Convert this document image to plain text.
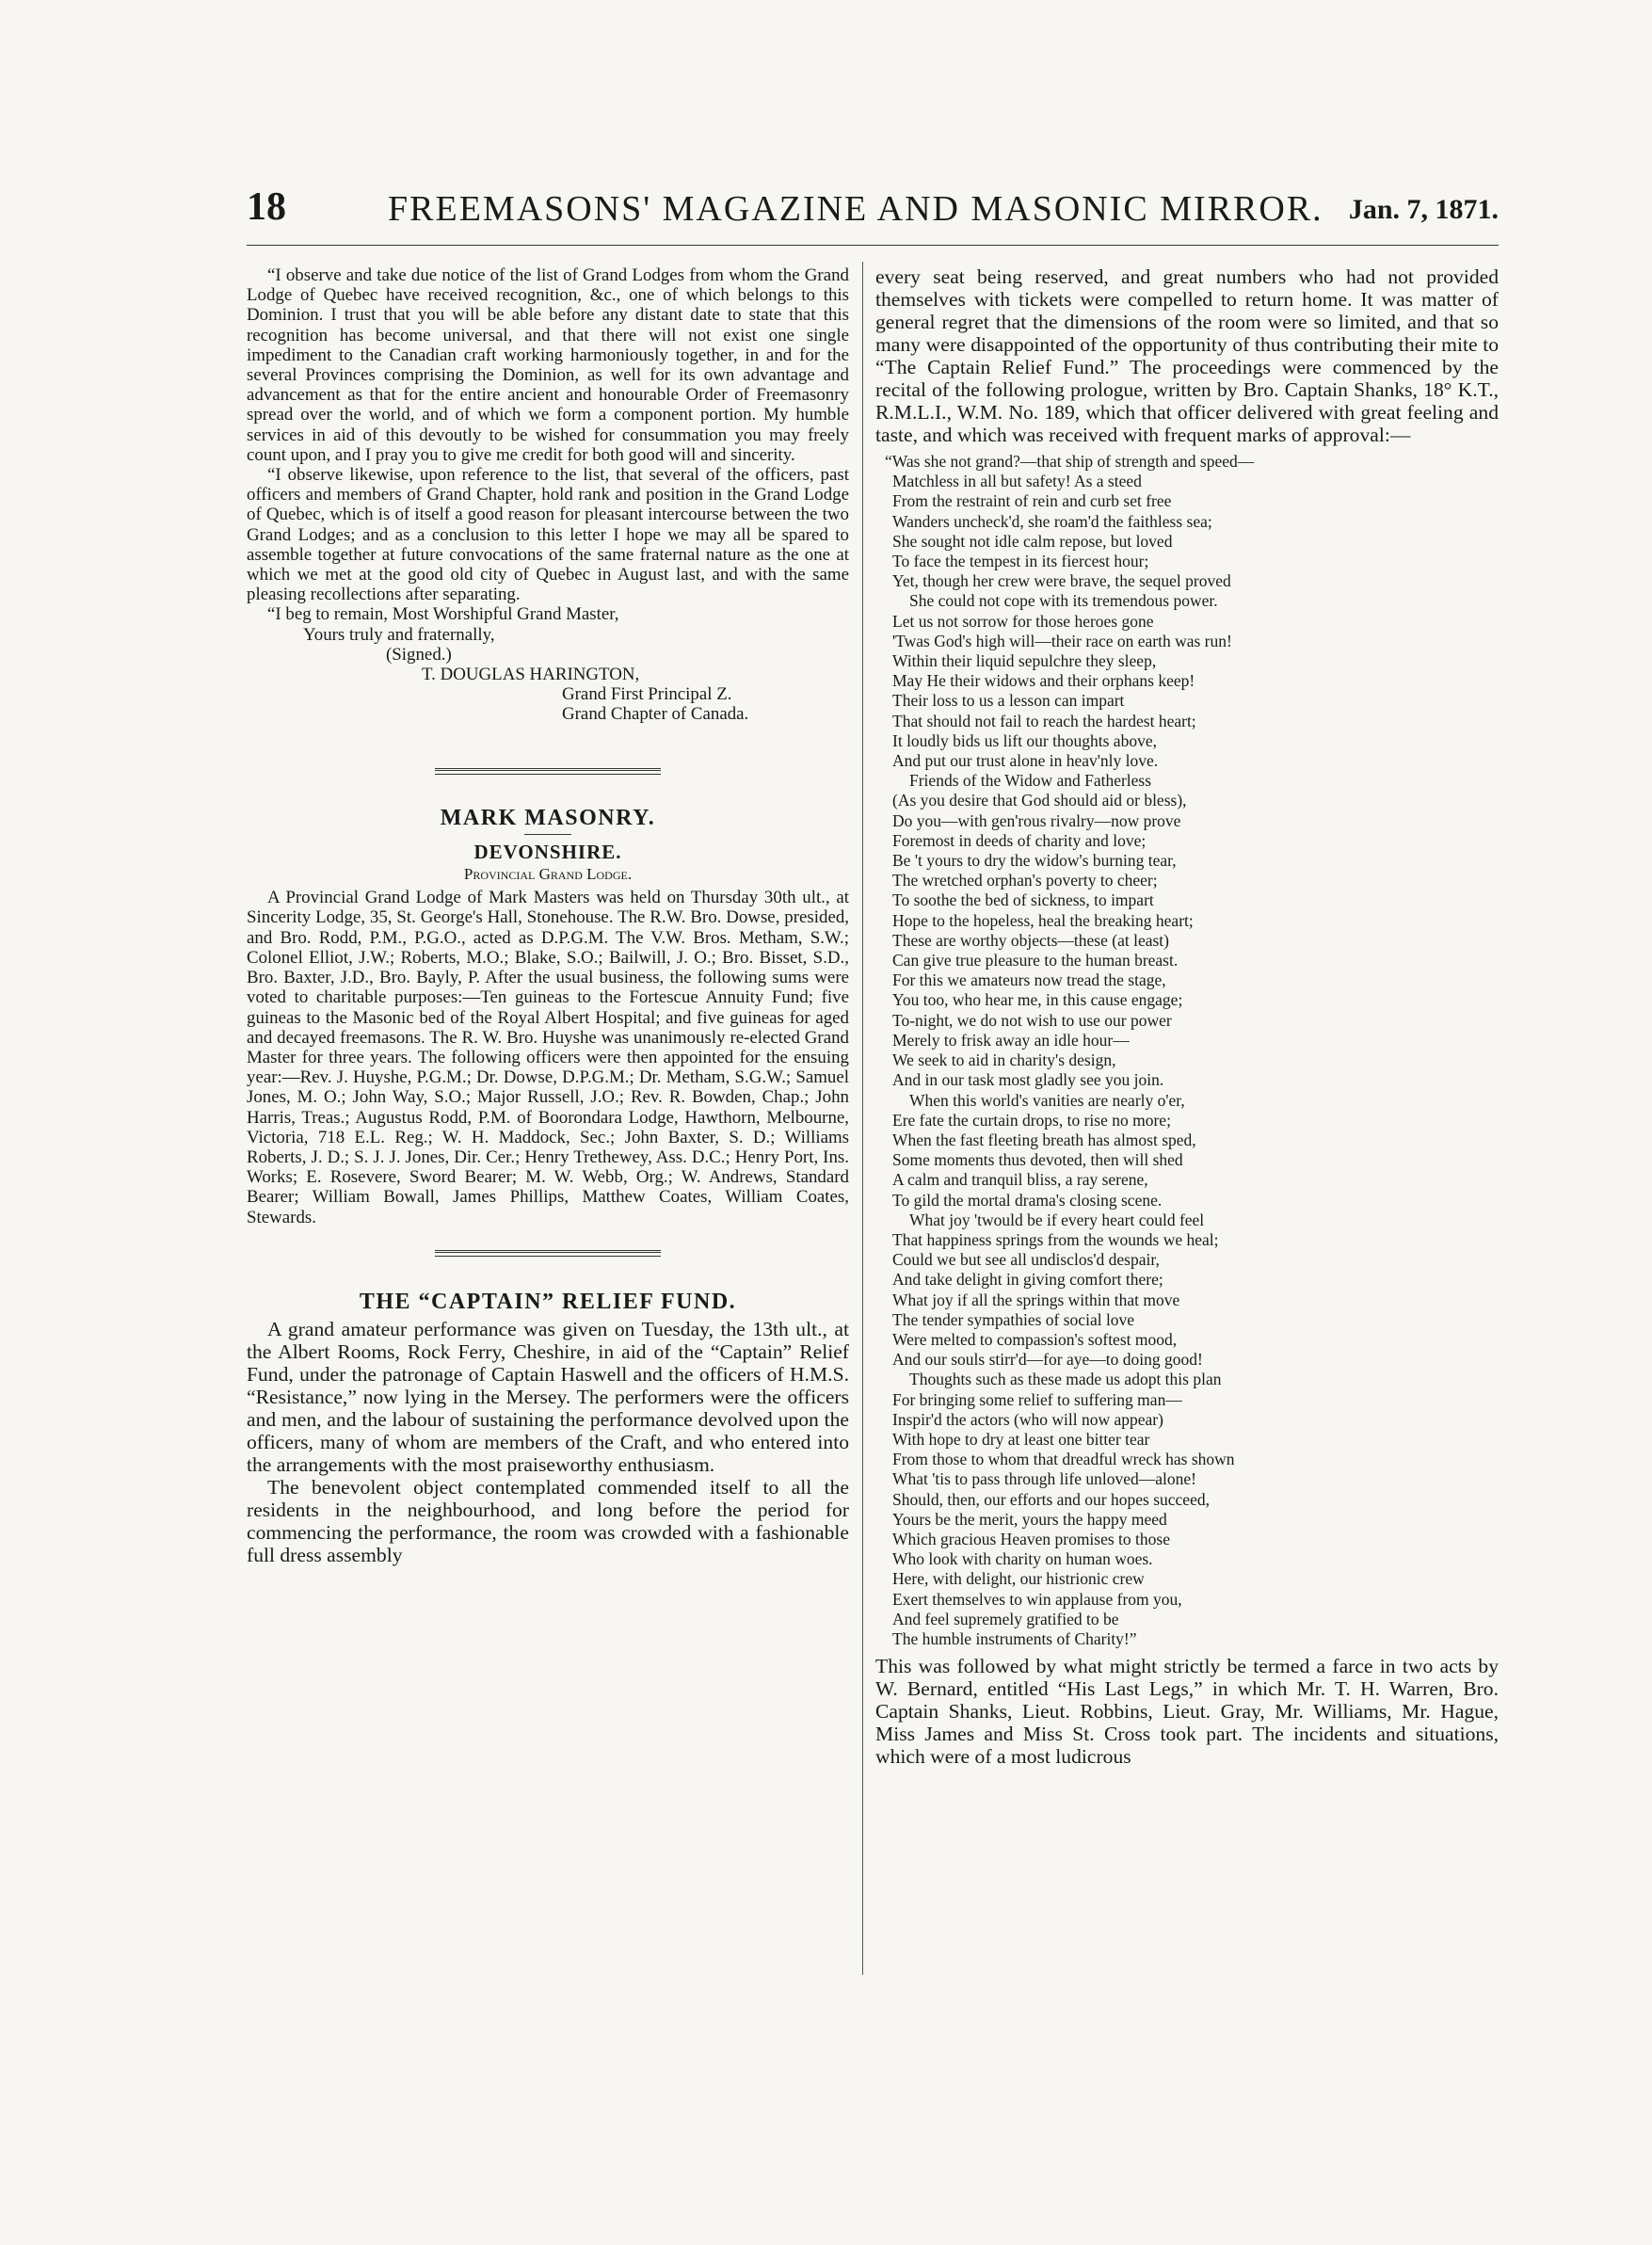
18	FREEMASONS' MAGAZINE AND MASONIC MIRROR. Jan. 7, 1871.

“I observe and take due notice of the list of Grand Lodges from whom the Grand Lodge of Quebec have received recognition, &c., one of which belongs to this Dominion. I trust that you will be able before any distant date to state that this recognition has become universal, and that there will not exist one single impediment to the Canadian craft working harmoniously together, in and for the several Provinces comprising the Dominion, as well for its own advantage and advancement as that for the entire ancient and honourable Order of Freemasonry spread over the world, and of which we form a component portion. My humble services in aid of this devoutly to be wished for consummation you may freely count upon, and I pray you to give me credit for both good will and sincerity.

“I observe likewise, upon reference to the list, that several of the officers, past officers and members of Grand Chapter, hold rank and position in the Grand Lodge of Quebec, which is of itself a good reason for pleasant intercourse between the two Grand Lodges; and as a conclusion to this letter I hope we may all be spared to assemble together at future convocations of the same fraternal nature as the one at which we met at the good old city of Quebec in August last, and with the same pleasing recollections after separating.

“I beg to remain, Most Worshipful Grand Master,

Yours truly and fraternally,
(Signed.)
T. DOUGLAS HARINGTON,
Grand First Principal Z.
Grand Chapter of Canada.
MARK MASONRY.
DEVONSHIRE.
Provincial Grand Lodge.

A Provincial Grand Lodge of Mark Masters was held on Thursday 30th ult., at Sincerity Lodge, 35, St. George's Hall, Stonehouse. The R.W. Bro. Dowse, presided, and Bro. Rodd, P.M., P.G.O., acted as D.P.G.M. The V.W. Bros. Metham, S.W.; Colonel Elliot, J.W.; Roberts, M.O.; Blake, S.O.; Bailwill, J. O.; Bro. Bisset, S.D., Bro. Baxter, J.D., Bro. Bayly, P. After the usual business, the following sums were voted to charitable purposes:—Ten guineas to the Fortescue Annuity Fund; five guineas to the Masonic bed of the Royal Albert Hospital; and five guineas for aged and decayed freemasons. The R. W. Bro. Huyshe was unanimously re-elected Grand Master for three years. The following officers were then appointed for the ensuing year:—Rev. J. Huyshe, P.G.M.; Dr. Dowse, D.P.G.M.; Dr. Metham, S.G.W.; Samuel Jones, M. O.; John Way, S.O.; Major Russell, J.O.; Rev. R. Bowden, Chap.; John Harris, Treas.; Augustus Rodd, P.M. of Boorondara Lodge, Hawthorn, Melbourne, Victoria, 718 E.L. Reg.; W. H. Maddock, Sec.; John Baxter, S. D.; Williams Roberts, J. D.; S. J. J. Jones, Dir. Cer.; Henry Trethewey, Ass. D.C.; Henry Port, Ins. Works; E. Rosevere, Sword Bearer; M. W. Webb, Org.; W. Andrews, Standard Bearer; William Bowall, James Phillips, Matthew Coates, William Coates, Stewards.

THE “CAPTAIN” RELIEF FUND.

A grand amateur performance was given on Tuesday, the 13th ult., at the Albert Rooms, Rock Ferry, Cheshire, in aid of the “Captain” Relief Fund, under the patronage of Captain Haswell and the officers of H.M.S. “Resistance,” now lying in the Mersey. The performers were the officers and men, and the labour of sustaining the performance devolved upon the officers, many of whom are members of the Craft, and who entered into the arrangements with the most praiseworthy enthusiasm.

The benevolent object contemplated commended itself to all the residents in the neighbourhood, and long before the period for commencing the performance, the room was crowded with a fashionable full dress assembly

every seat being reserved, and great numbers who had not provided themselves with tickets were compelled to return home. It was matter of general regret that the dimensions of the room were so limited, and that so many were disappointed of the opportunity of thus contributing their mite to “The Captain Relief Fund.” The proceedings were commenced by the recital of the following prologue, written by Bro. Captain Shanks, 18° K.T., R.M.L.I., W.M. No. 189, which that officer delivered with great feeling and taste, and which was received with frequent marks of approval:—

“Was she not grand?—that ship of strength and speed—
Matchless in all but safety! As a steed
From the restraint of rein and curb set free
Wanders uncheck'd, she roam'd the faithless sea;
She sought not idle calm repose, but loved
To face the tempest in its fiercest hour;
Yet, though her crew were brave, the sequel proved
She could not cope with its tremendous power.
Let us not sorrow for those heroes gone
'Twas God's high will—their race on earth was run!
Within their liquid sepulchre they sleep,
May He their widows and their orphans keep!
Their loss to us a lesson can impart
That should not fail to reach the hardest heart;
It loudly bids us lift our thoughts above,
And put our trust alone in heav'nly love.
Friends of the Widow and Fatherless
(As you desire that God should aid or bless),
Do you—with gen'rous rivalry—now prove
Foremost in deeds of charity and love;
Be 't yours to dry the widow's burning tear,
The wretched orphan's poverty to cheer;
To soothe the bed of sickness, to impart
Hope to the hopeless, heal the breaking heart;
These are worthy objects—these (at least)
Can give true pleasure to the human breast.
For this we amateurs now tread the stage,
You too, who hear me, in this cause engage;
To-night, we do not wish to use our power
Merely to frisk away an idle hour—
We seek to aid in charity's design,
And in our task most gladly see you join.
When this world's vanities are nearly o'er,
Ere fate the curtain drops, to rise no more;
When the fast fleeting breath has almost sped,
Some moments thus devoted, then will shed
A calm and tranquil bliss, a ray serene,
To gild the mortal drama's closing scene.
What joy 'twould be if every heart could feel
That happiness springs from the wounds we heal;
Could we but see all undisclos'd despair,
And take delight in giving comfort there;
What joy if all the springs within that move
The tender sympathies of social love
Were melted to compassion's softest mood,
And our souls stirr'd—for aye—to doing good!
Thoughts such as these made us adopt this plan
For bringing some relief to suffering man—
Inspir'd the actors (who will now appear)
With hope to dry at least one bitter tear
From those to whom that dreadful wreck has shown
What 'tis to pass through life unloved—alone!
Should, then, our efforts and our hopes succeed,
Yours be the merit, yours the happy meed
Which gracious Heaven promises to those
Who look with charity on human woes.
Here, with delight, our histrionic crew
Exert themselves to win applause from you,
And feel supremely gratified to be
The humble instruments of Charity!”

This was followed by what might strictly be termed a farce in two acts by W. Bernard, entitled “His Last Legs,” in which Mr. T. H. Warren, Bro. Captain Shanks, Lieut. Robbins, Lieut. Gray, Mr. Williams, Mr. Hague, Miss James and Miss St. Cross took part. The incidents and situations, which were of a most ludicrous
